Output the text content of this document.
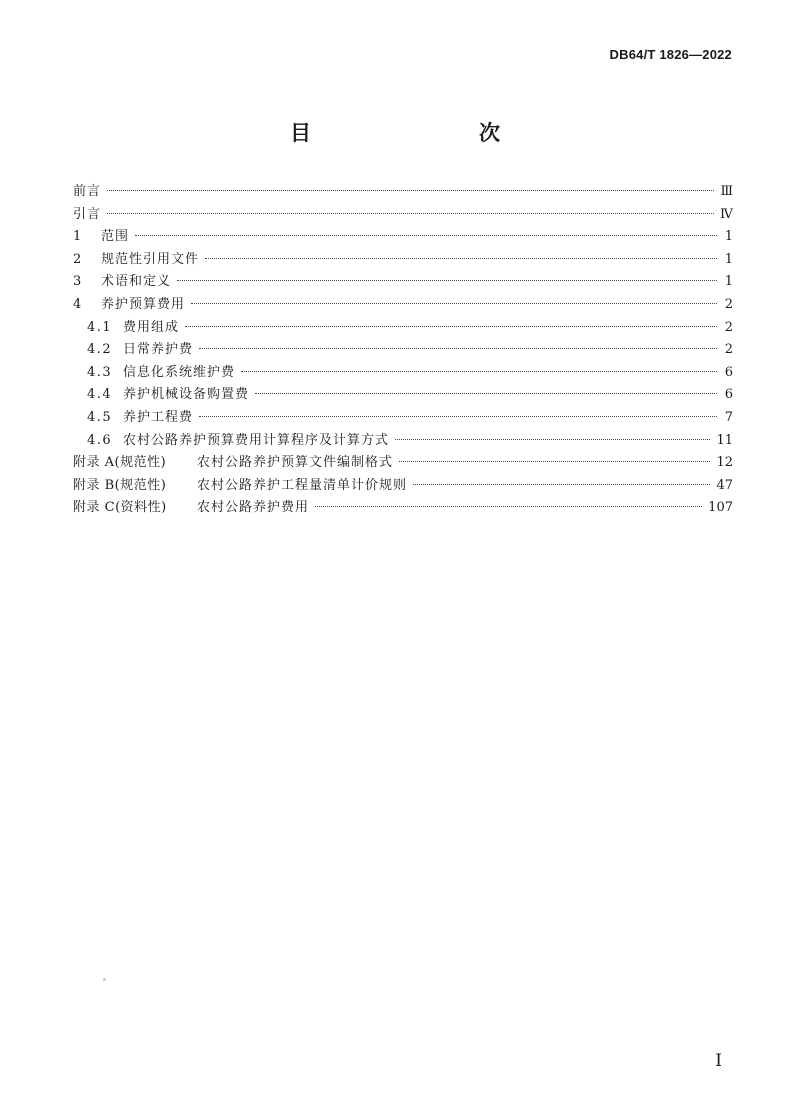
DB64/T 1826—2022
目　　次
前言	Ⅲ
引言	Ⅳ
1	范围	1
2	规范性引用文件	1
3	术语和定义	1
4	养护预算费用	2
4.1 费用组成	2
4.2 日常养护费	2
4.3 信息化系统维护费	6
4.4 养护机械设备购置费	6
4.5 养护工程费	7
4.6 农村公路养护预算费用计算程序及计算方式	11
附录 A(规范性)	农村公路养护预算文件编制格式	12
附录 B(规范性)	农村公路养护工程量清单计价规则	47
附录 C(资料性)	农村公路养护费用	107
I
